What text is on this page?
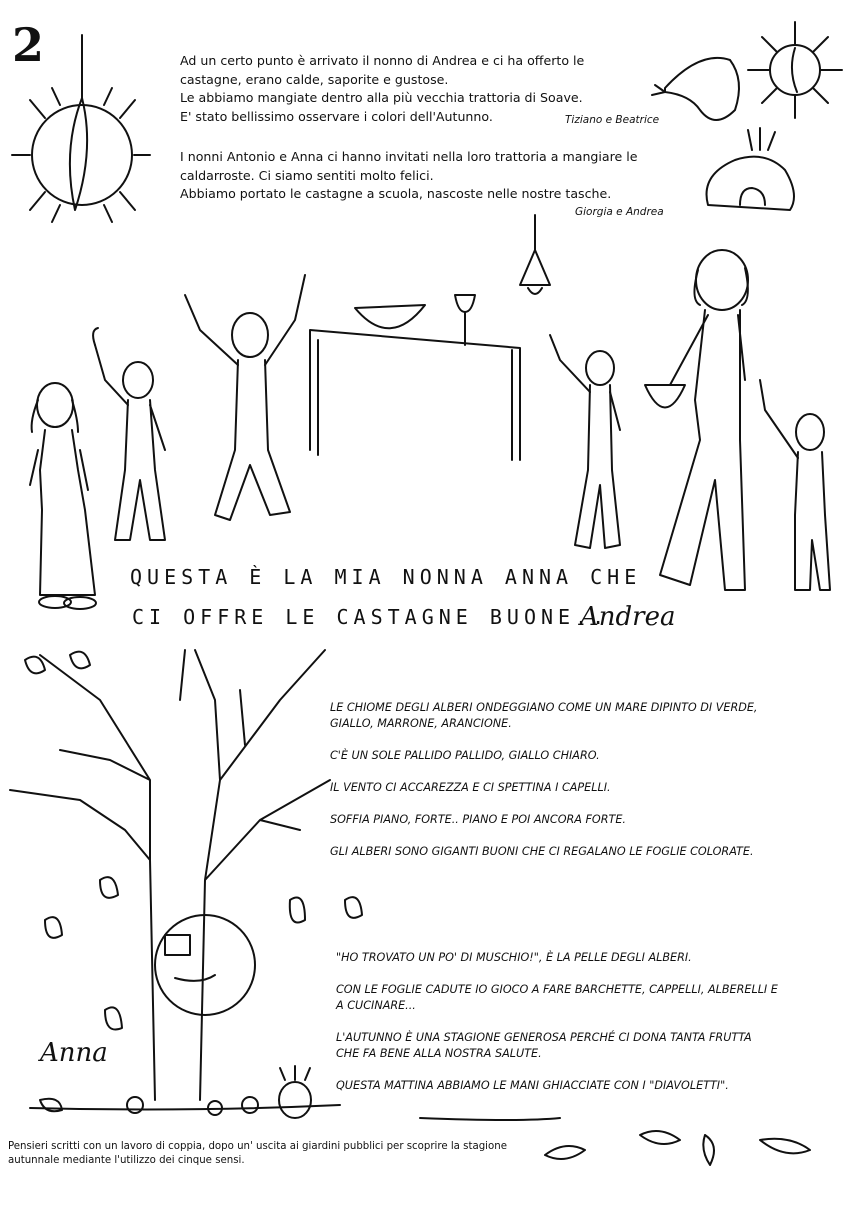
2	Ad un certo punto è arrivato il nonno di Andrea e ci ha offerto le
castagne, erano calde, saporite e gustose.
Le abbiamo mangiate dentro alla più vecchia trattoria di Soave.
E' stato bellissimo osservare i colori dell'Autunno.	Tiziano e Beatrice
I nonni Antonio e Anna ci hanno invitati nella loro trattoria a mangiare le
caldarroste. Ci siamo sentiti molto felici.
Abbiamo portato le castagne a scuola, nascoste nelle nostre tasche.
Giorgia e Andrea
QUESTA È LA MIA NONNA ANNA CHE
CI OFFRE LE CASTAGNE BUONE..
Andrea

LE CHIOME DEGLI ALBERI ONDEGGIANO COME UN MARE DIPINTO DI VERDE,
GIALLO, MARRONE, ARANCIONE.

C'È UN SOLE PALLIDO PALLIDO, GIALLO CHIARO.

IL VENTO CI ACCAREZZA E CI SPETTINA I CAPELLI.

SOFFIA PIANO, FORTE.. PIANO E POI ANCORA FORTE.

GLI ALBERI SONO GIGANTI BUONI CHE CI REGALANO LE FOGLIE COLORATE.

"HO TROVATO UN PO' DI MUSCHIO!", È LA PELLE DEGLI ALBERI.

CON LE FOGLIE CADUTE IO GIOCO A FARE BARCHETTE, CAPPELLI, ALBERELLI E
A CUCINARE...

L'AUTUNNO È UNA STAGIONE GENEROSA PERCHÉ CI DONA TANTA FRUTTA
CHE FA BENE ALLA NOSTRA SALUTE.

QUESTA MATTINA ABBIAMO LE MANI GHIACCIATE CON I "DIAVOLETTI".

Anna
Pensieri scritti con un lavoro di coppia, dopo un' uscita ai giardini pubblici per scoprire la stagione autunnale mediante l'utilizzo dei cinque sensi.
